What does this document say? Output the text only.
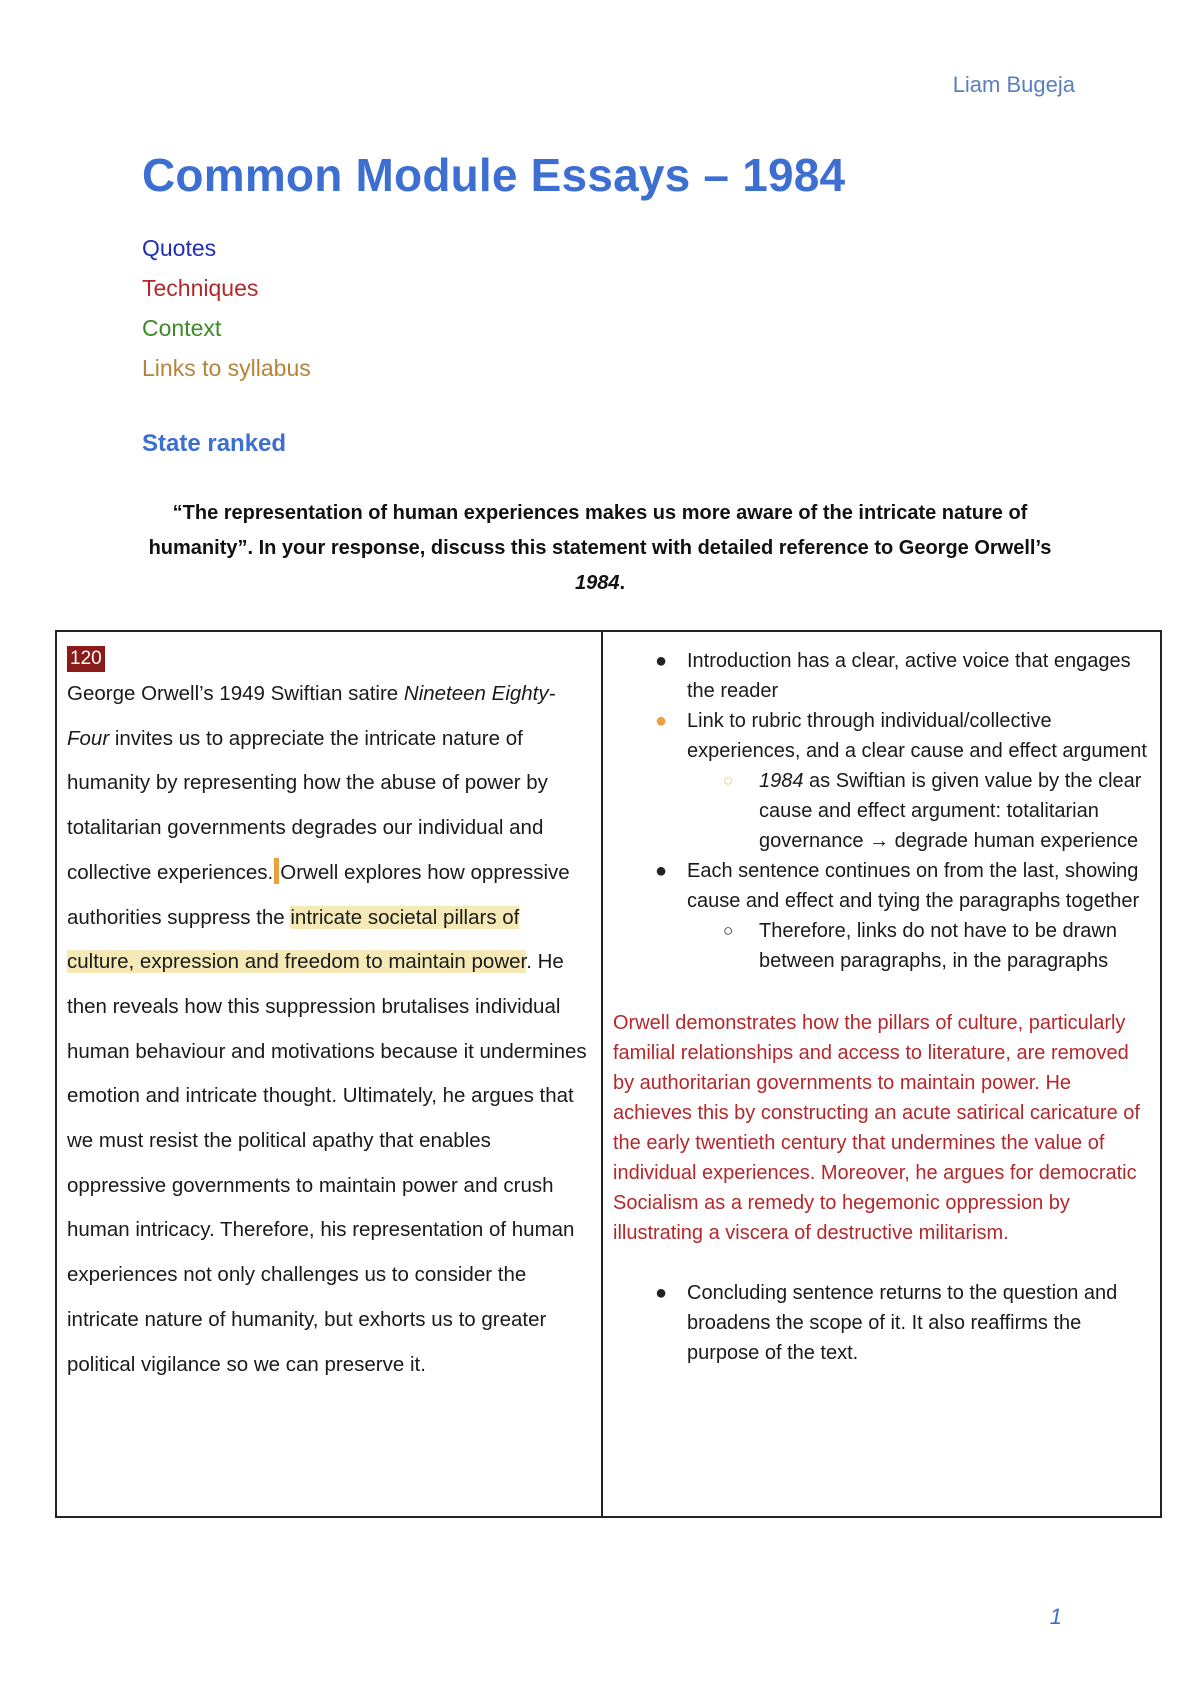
Liam Bugeja
Common Module Essays – 1984
Quotes
Techniques
Context
Links to syllabus
State ranked
“The representation of human experiences makes us more aware of the intricate nature of humanity”. In your response, discuss this statement with detailed reference to George Orwell’s 1984.
120

George Orwell’s 1949 Swiftian satire Nineteen Eighty-Four invites us to appreciate the intricate nature of humanity by representing how the abuse of power by totalitarian governments degrades our individual and collective experiences. Orwell explores how oppressive authorities suppress the intricate societal pillars of culture, expression and freedom to maintain power. He then reveals how this suppression brutalises individual human behaviour and motivations because it undermines emotion and intricate thought. Ultimately, he argues that we must resist the political apathy that enables oppressive governments to maintain power and crush human intricacy. Therefore, his representation of human experiences not only challenges us to consider the intricate nature of humanity, but exhorts us to greater political vigilance so we can preserve it.

● Introduction has a clear, active voice that engages the reader
● Link to rubric through individual/collective experiences, and a clear cause and effect argument
○ 1984 as Swiftian is given value by the clear cause and effect argument: totalitarian governance → degrade human experience
● Each sentence continues on from the last, showing cause and effect and tying the paragraphs together
○ Therefore, links do not have to be drawn between paragraphs, in the paragraphs

Orwell demonstrates how the pillars of culture, particularly familial relationships and access to literature, are removed by authoritarian governments to maintain power. He achieves this by constructing an acute satirical caricature of the early twentieth century that undermines the value of individual experiences. Moreover, he argues for democratic Socialism as a remedy to hegemonic oppression by illustrating a viscera of destructive militarism.

● Concluding sentence returns to the question and broadens the scope of it. It also reaffirms the purpose of the text.
1
